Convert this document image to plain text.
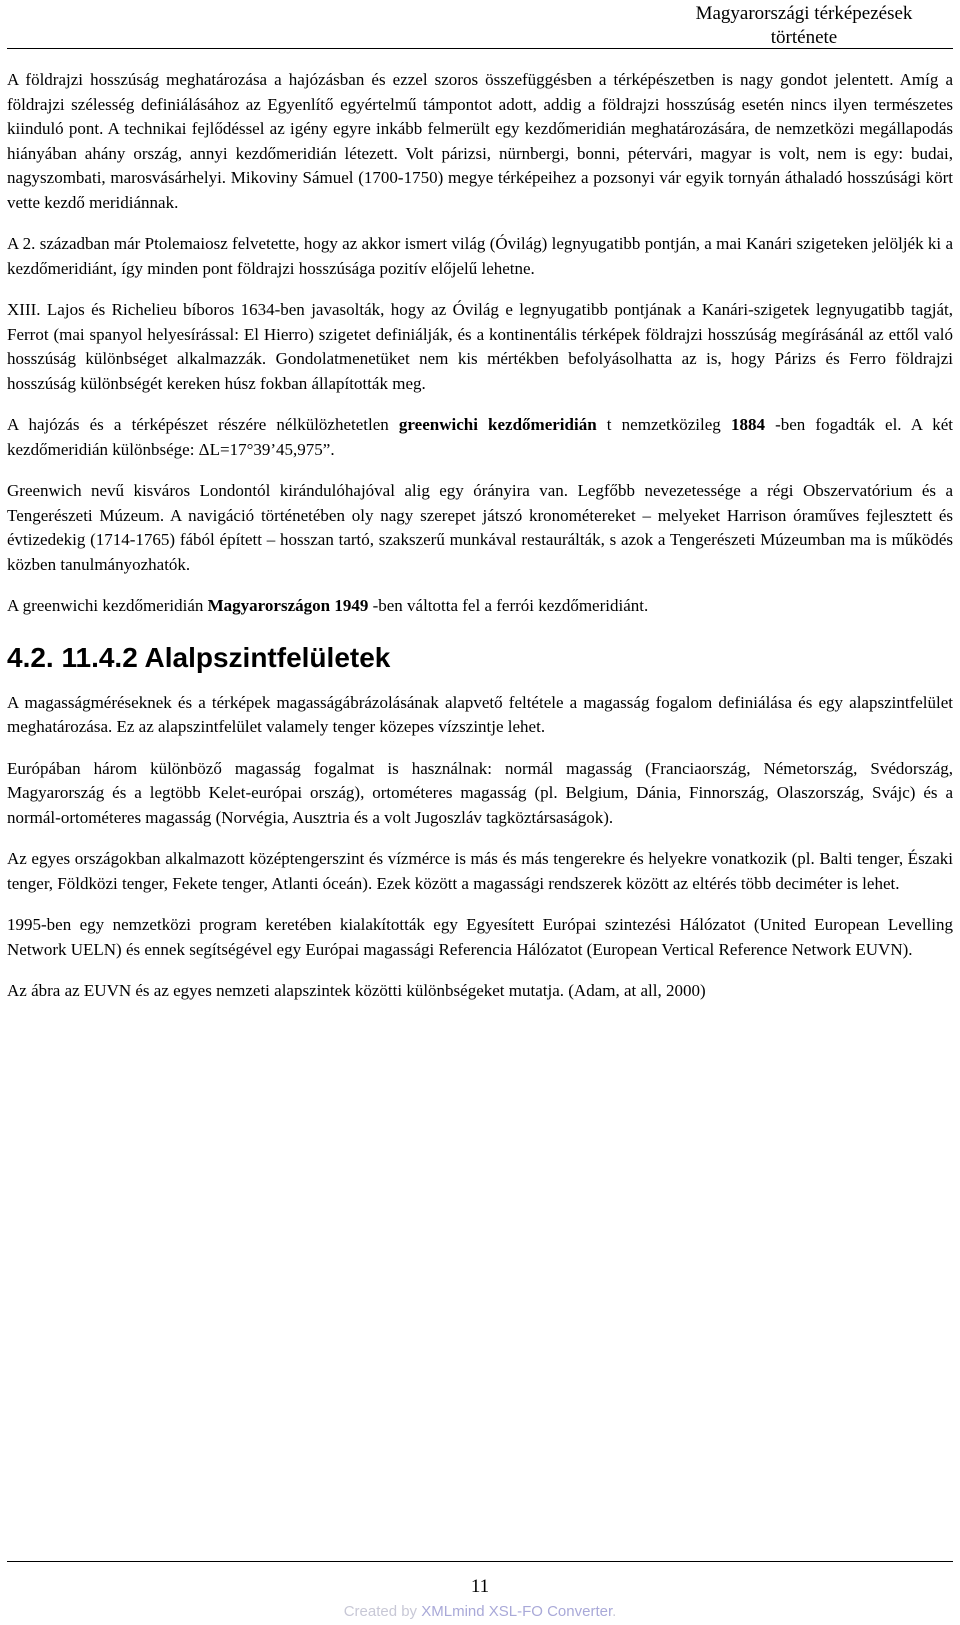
Magyarországi térképezések története

A földrajzi hosszúság meghatározása a hajózásban és ezzel szoros összefüggésben a térképészetben is nagy gondot jelentett. Amíg a földrajzi szélesség definiálásához az Egyenlítő egyértelmű támpontot adott, addig a földrajzi hosszúság esetén nincs ilyen természetes kiinduló pont. A technikai fejlődéssel az igény egyre inkább felmerült egy kezdőmeridián meghatározására, de nemzetközi megállapodás hiányában ahány ország, annyi kezdőmeridián létezett. Volt párizsi, nürnbergi, bonni, pétervári, magyar is volt, nem is egy: budai, nagyszombati, marosvásárhelyi. Mikoviny Sámuel (1700-1750) megye térképeihez a pozsonyi vár egyik tornyán áthaladó hosszúsági kört vette kezdő meridiánnak.

A 2. században már Ptolemaiosz felvetette, hogy az akkor ismert világ (Óvilág) legnyugatibb pontján, a mai Kanári szigeteken jelöljék ki a kezdőmeridiánt, így minden pont földrajzi hosszúsága pozitív előjelű lehetne.

XIII. Lajos és Richelieu bíboros 1634-ben javasolták, hogy az Óvilág e legnyugatibb pontjának a Kanári-szigetek legnyugatibb tagját, Ferrot (mai spanyol helyesírással: El Hierro) szigetet definiálják, és a kontinentális térképek földrajzi hosszúság megírásánál az ettől való hosszúság különbséget alkalmazzák. Gondolatmenetüket nem kis mértékben befolyásolhatta az is, hogy Párizs és Ferro földrajzi hosszúság különbségét kereken húsz fokban állapították meg.

A hajózás és a térképészet részére nélkülözhetetlen greenwichi kezdőmeridián t nemzetközileg 1884 -ben fogadták el. A két kezdőmeridián különbsége: ΔL=17°39’45,975”.

Greenwich nevű kisváros Londontól kirándulóhajóval alig egy órányira van. Legfőbb nevezetessége a régi Obszervatórium és a Tengerészeti Múzeum. A navigáció történetében oly nagy szerepet játszó kronométereket – melyeket Harrison órаműves fejlesztett és évtizedekig (1714-1765) fából épített – hosszan tartó, szakszerű munkával restaurálták, s azok a Tengerészeti Múzeumban ma is működés közben tanulmányozhatók.

A greenwichi kezdőmeridián Magyarországon 1949 -ben váltotta fel a ferrói kezdőmeridiánt.

4.2. 11.4.2 Alalpszintfelületek

A magasságméréseknek és a térképek magasságábrázolásának alapvető feltétele a magasság fogalom definiálása és egy alapszintfelület meghatározása. Ez az alapszintfelület valamely tenger közepes vízszintje lehet.

Európában három különböző magasság fogalmat is használnak: normál magasság (Franciaország, Németország, Svédország, Magyarország és a legtöbb Kelet-európai ország), ortométeres magasság (pl. Belgium, Dánia, Finnország, Olaszország, Svájc) és a normál-ortométeres magasság (Norvégia, Ausztria és a volt Jugoszláv tagköztársaságok).

Az egyes országokban alkalmazott középtengerszint és vízmérce is más és más tengerekre és helyekre vonatkozik (pl. Balti tenger, Északi tenger, Földközi tenger, Fekete tenger, Atlanti óceán). Ezek között a magassági rendszerek között az eltérés több deciméter is lehet.

1995-ben egy nemzetközi program keretében kialakították egy Egyesített Európai szintezési Hálózatot (United European Levelling Network UELN) és ennek segítségével egy Európai magassági Referencia Hálózatot (European Vertical Reference Network EUVN).

Az ábra az EUVN és az egyes nemzeti alapszintek közötti különbségeket mutatja. (Adam, at all, 2000)

11
Created by XMLmind XSL-FO Converter.
